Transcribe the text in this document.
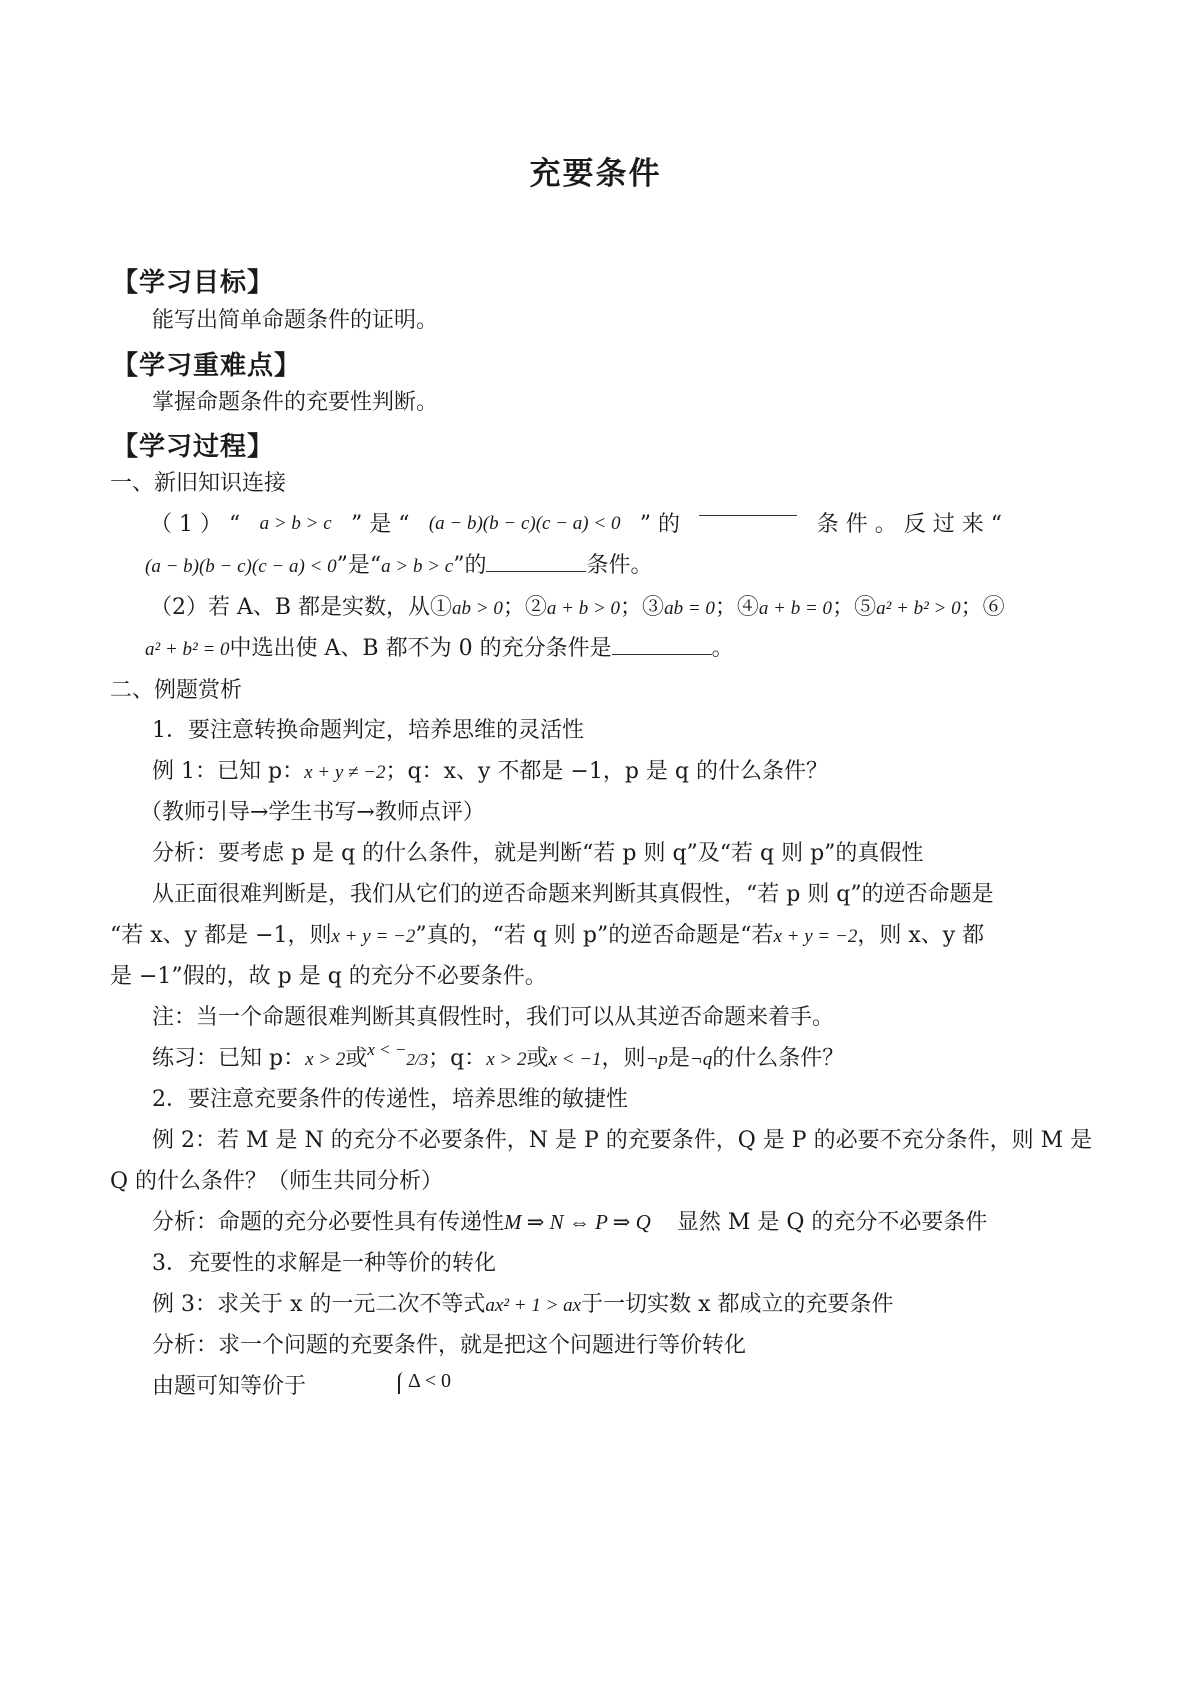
充要条件
【学习目标】
能写出简单命题条件的证明。
【学习重难点】
掌握命题条件的充要性判断。
【学习过程】
一、新旧知识连接
（ 1 ） “ a > b > c ” 是 “ (a − b)(b − c)(c − a) < 0 ” 的	条 件 。 反 过 来 “
(a − b)(b − c)(c − a) < 0”是“a > b > c”的	条件。
（2）若 A、B 都是实数，从①ab > 0；②a + b > 0；③ab = 0；④a + b = 0；⑤a² + b² > 0；⑥
a² + b² = 0中选出使 A、B 都不为 0 的充分条件是	。
二、例题赏析
1．要注意转换命题判定，培养思维的灵活性
例 1：已知 p：x + y ≠ −2；q：x、y 不都是 −1，p 是 q 的什么条件？
（教师引导→学生书写→教师点评）
分析：要考虑 p 是 q 的什么条件，就是判断“若 p 则 q”及“若 q 则 p”的真假性
从正面很难判断是，我们从它们的逆否命题来判断其真假性，“若 p 则 q”的逆否命题是
“若 x、y 都是 −1，则x + y = −2”真的，“若 q 则 p”的逆否命题是“若x + y = −2，则 x、y 都
是 −1”假的，故 p 是 q 的充分不必要条件。
注：当一个命题很难判断其真假性时，我们可以从其逆否命题来着手。
练习：已知 p：x > 2或$^{x < -}$2/3；q：x > 2或x < −1，则¬p是¬q的什么条件？
2．要注意充要条件的传递性，培养思维的敏捷性
例 2：若 M 是 N 的充分不必要条件，N 是 P 的充要条件，Q 是 P 的必要不充分条件，则 M 是
Q 的什么条件？（师生共同分析）
分析：命题的充分必要性具有传递性M ⇒ N ⇔ P ⇒ Q 显然 M 是 Q 的充分不必要条件
3．充要性的求解是一种等价的转化
例 3：求关于 x 的一元二次不等式ax² + 1 > ax于一切实数 x 都成立的充要条件
分析：求一个问题的充要条件，就是把这个问题进行等价转化
由题可知等价于	Δ < 0
